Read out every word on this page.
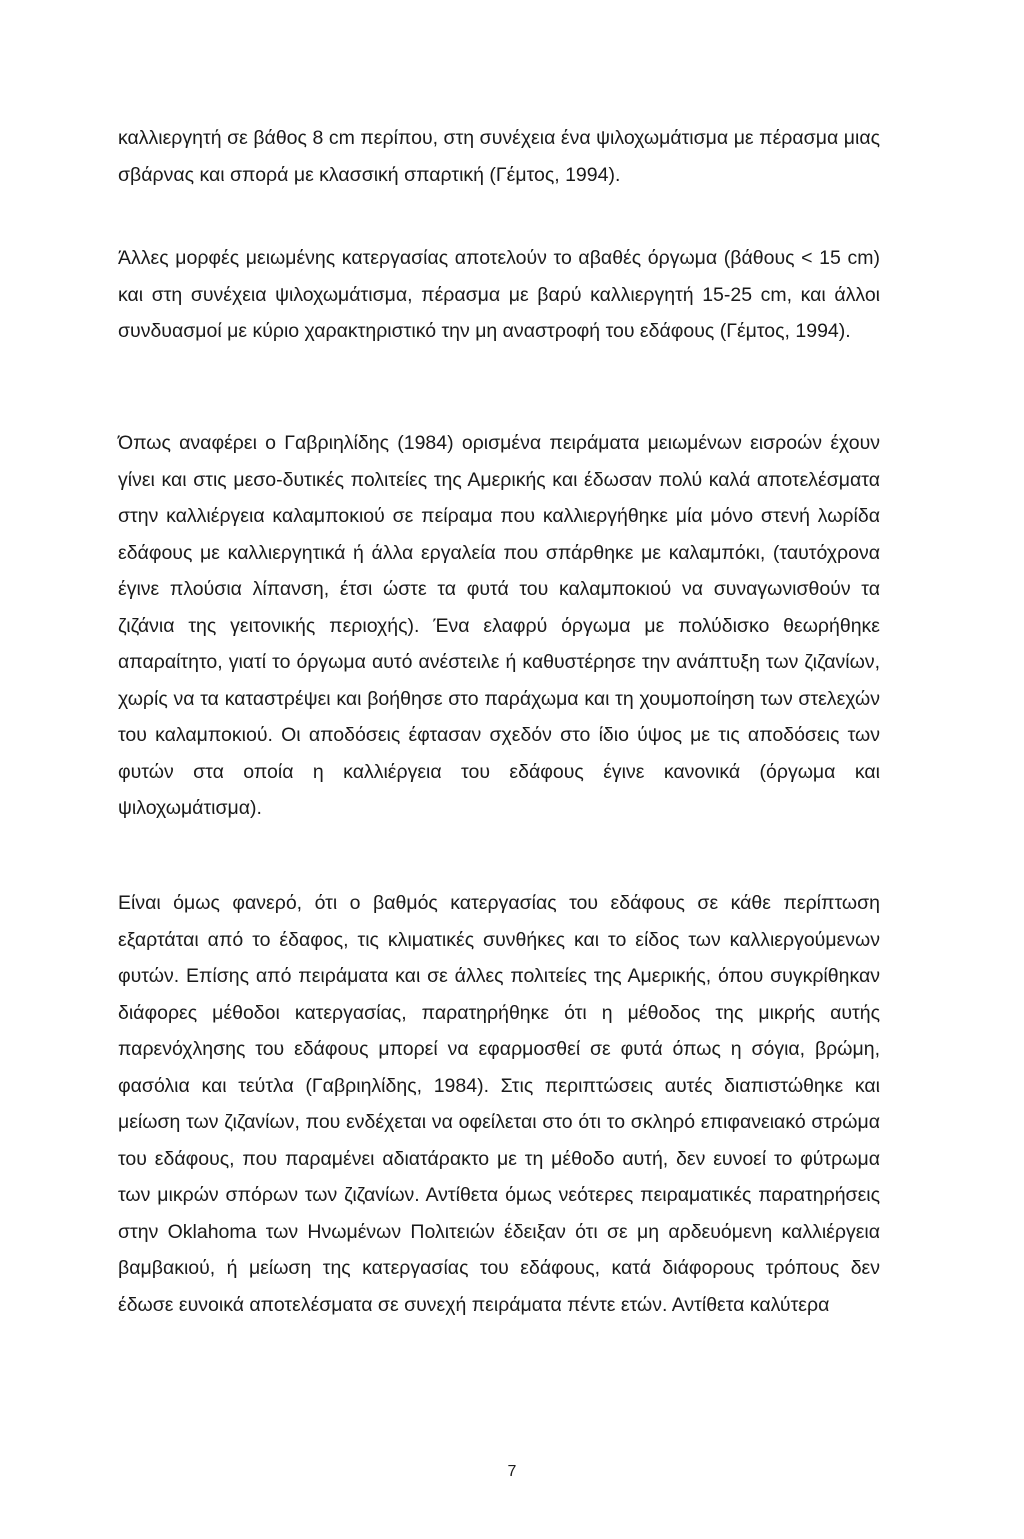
καλλιεργητή σε βάθος 8 cm περίπου, στη συνέχεια ένα ψιλοχωμάτισμα με πέρασμα μιας σβάρνας και σπορά με κλασσική σπαρτική (Γέμτος, 1994).

Άλλες μορφές μειωμένης κατεργασίας αποτελούν το αβαθές όργωμα (βάθους < 15 cm) και στη συνέχεια ψιλοχωμάτισμα, πέρασμα με βαρύ καλλιεργητή 15-25 cm, και άλλοι συνδυασμοί με κύριο χαρακτηριστικό την μη αναστροφή του εδάφους (Γέμτος, 1994).

Όπως αναφέρει ο Γαβριηλίδης (1984) ορισμένα πειράματα μειωμένων εισροών έχουν γίνει και στις μεσο-δυτικές πολιτείες της Αμερικής και έδωσαν πολύ καλά αποτελέσματα στην καλλιέργεια καλαμποκιού σε πείραμα που καλλιεργήθηκε μία μόνο στενή λωρίδα εδάφους με καλλιεργητικά ή άλλα εργαλεία που σπάρθηκε με καλαμπόκι, (ταυτόχρονα έγινε πλούσια λίπανση, έτσι ώστε τα φυτά του καλαμποκιού να συναγωνισθούν τα ζιζάνια της γειτονικής περιοχής). Ένα ελαφρύ όργωμα με πολύδισκο θεωρήθηκε απαραίτητο, γιατί το όργωμα αυτό ανέστειλε ή καθυστέρησε την ανάπτυξη των ζιζανίων, χωρίς να τα καταστρέψει και βοήθησε στο παράχωμα και τη χουμοποίηση των στελεχών του καλαμποκιού. Οι αποδόσεις έφτασαν σχεδόν στο ίδιο ύψος με τις αποδόσεις των φυτών στα οποία η καλλιέργεια του εδάφους έγινε κανονικά (όργωμα και ψιλοχωμάτισμα).

Είναι όμως φανερό, ότι ο βαθμός κατεργασίας του εδάφους σε κάθε περίπτωση εξαρτάται από το έδαφος, τις κλιματικές συνθήκες και το είδος των καλλιεργούμενων φυτών. Επίσης από πειράματα και σε άλλες πολιτείες της Αμερικής, όπου συγκρίθηκαν διάφορες μέθοδοι κατεργασίας, παρατηρήθηκε ότι η μέθοδος της μικρής αυτής παρενόχλησης του εδάφους μπορεί να εφαρμοσθεί σε φυτά όπως η σόγια, βρώμη, φασόλια και τεύτλα (Γαβριηλίδης, 1984). Στις περιπτώσεις αυτές διαπιστώθηκε και μείωση των ζιζανίων, που ενδέχεται να οφείλεται στο ότι το σκληρό επιφανειακό στρώμα του εδάφους, που παραμένει αδιατάρακτο με τη μέθοδο αυτή, δεν ευνοεί το φύτρωμα των μικρών σπόρων των ζιζανίων. Αντίθετα όμως νεότερες πειραματικές παρατηρήσεις στην Oklahoma των Ηνωμένων Πολιτειών έδειξαν ότι σε μη αρδευόμενη καλλιέργεια βαμβακιού, ή μείωση της κατεργασίας του εδάφους, κατά διάφορους τρόπους δεν έδωσε ευνοικά αποτελέσματα σε συνεχή πειράματα πέντε ετών. Αντίθετα καλύτερα

7
